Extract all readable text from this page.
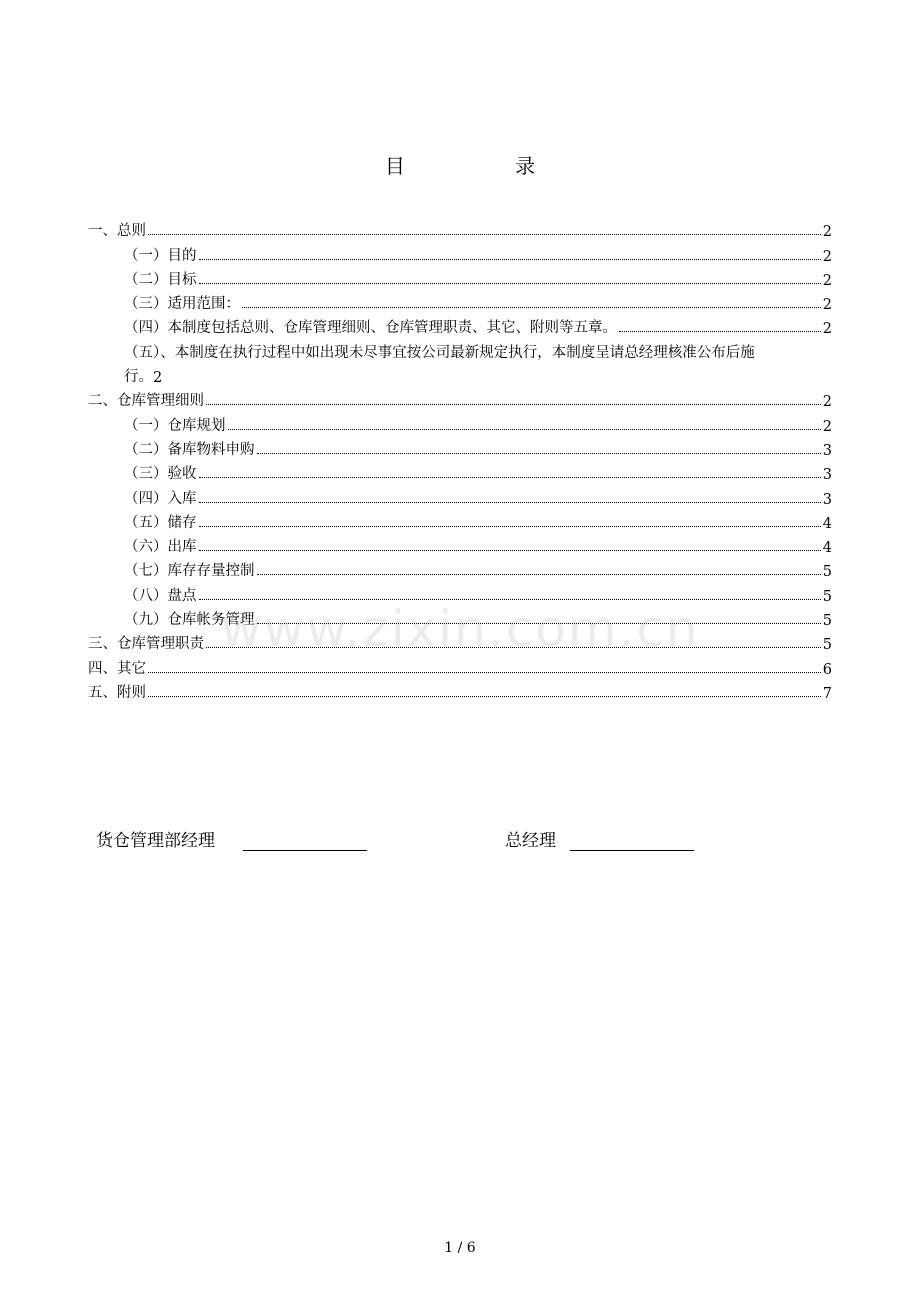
目 录
一、总则	2
（一）目的	2
（二）目标	2
（三）适用范围：	2
（四）本制度包括总则、仓库管理细则、仓库管理职责、其它、附则等五章。	2
（五）、本制度在执行过程中如出现未尽事宜按公司最新规定执行，本制度呈请总经理核准公布后施
行。 2
二、仓库管理细则	2
（一）仓库规划	2
（二）备库物料申购	3
（三）验收	3
（四）入库	3
（五）储存	4
（六）出库	4
（七）库存存量控制	5
（八）盘点	5
（九）仓库帐务管理	5
三、仓库管理职责	5
四、其它	6
五、附则	7
www.zixin.com.cn
货仓管理部经理	总经理
1 / 6
